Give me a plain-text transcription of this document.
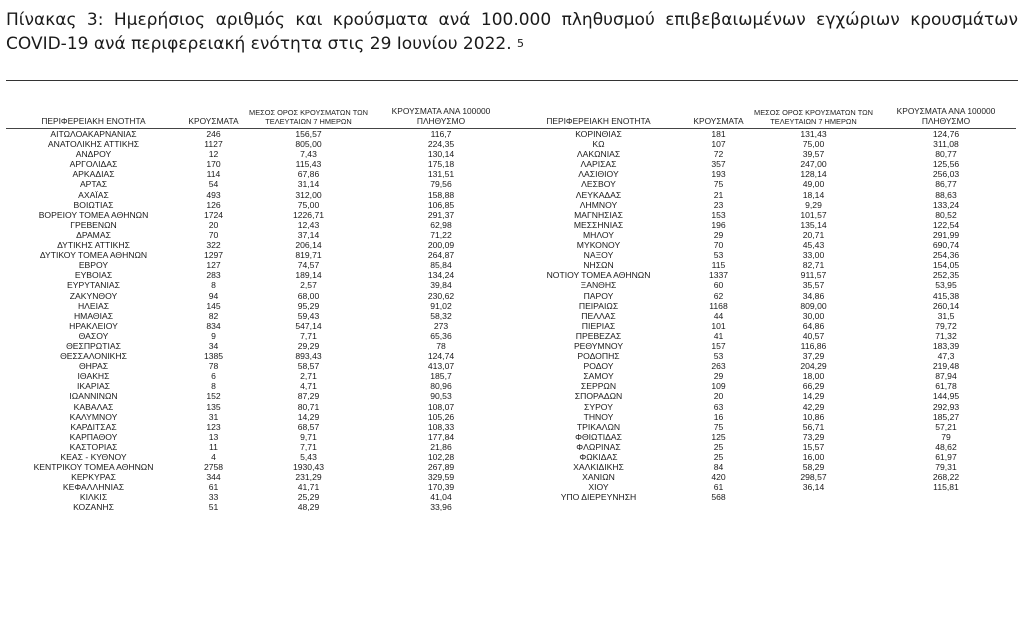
Πίνακας 3: Ημερήσιος αριθμός και κρούσματα ανά 100.000 πληθυσμού επιβεβαιωμένων εγχώριων κρουσμάτων COVID-19 ανά περιφερειακή ενότητα στις 29 Ιουνίου 2022. $^5$
ΠΕΡΙΦΕΡΕΙΑΚΗ ΕΝΟΤΗΤΑ	ΚΡΟΥΣΜΑΤΑ	ΜΕΣΟΣ ΟΡΟΣ ΚΡΟΥΣΜΑΤΩΝ ΤΩΝ ΤΕΛΕΥΤΑΙΩΝ 7 ΗΜΕΡΩΝ	ΚΡΟΥΣΜΑΤΑ ΑΝΑ 100000 ΠΛΗΘΥΣΜΟ
ΑΙΤΩΛΟΑΚΑΡΝΑΝΙΑΣ	246	156,57	116,7
ΑΝΑΤΟΛΙΚΗΣ ΑΤΤΙΚΗΣ	1127	805,00	224,35
ΑΝΔΡΟΥ	12	7,43	130,14
ΑΡΓΟΛΙΔΑΣ	170	115,43	175,18
ΑΡΚΑΔΙΑΣ	114	67,86	131,51
ΑΡΤΑΣ	54	31,14	79,56
ΑΧΑΪΑΣ	493	312,00	158,88
ΒΟΙΩΤΙΑΣ	126	75,00	106,85
ΒΟΡΕΙΟΥ ΤΟΜΕΑ ΑΘΗΝΩΝ	1724	1226,71	291,37
ΓΡΕΒΕΝΩΝ	20	12,43	62,98
ΔΡΑΜΑΣ	70	37,14	71,22
ΔΥΤΙΚΗΣ ΑΤΤΙΚΗΣ	322	206,14	200,09
ΔΥΤΙΚΟΥ ΤΟΜΕΑ ΑΘΗΝΩΝ	1297	819,71	264,87
ΕΒΡΟΥ	127	74,57	85,84
ΕΥΒΟΙΑΣ	283	189,14	134,24
ΕΥΡΥΤΑΝΙΑΣ	8	2,57	39,84
ΖΑΚΥΝΘΟΥ	94	68,00	230,62
ΗΛΕΙΑΣ	145	95,29	91,02
ΗΜΑΘΙΑΣ	82	59,43	58,32
ΗΡΑΚΛΕΙΟΥ	834	547,14	273
ΘΑΣΟΥ	9	7,71	65,36
ΘΕΣΠΡΩΤΙΑΣ	34	29,29	78
ΘΕΣΣΑΛΟΝΙΚΗΣ	1385	893,43	124,74
ΘΗΡΑΣ	78	58,57	413,07
ΙΘΑΚΗΣ	6	2,71	185,7
ΙΚΑΡΙΑΣ	8	4,71	80,96
ΙΩΑΝΝΙΝΩΝ	152	87,29	90,53
ΚΑΒΑΛΑΣ	135	80,71	108,07
ΚΑΛΥΜΝΟΥ	31	14,29	105,26
ΚΑΡΔΙΤΣΑΣ	123	68,57	108,33
ΚΑΡΠΑΘΟΥ	13	9,71	177,84
ΚΑΣΤΟΡΙΑΣ	11	7,71	21,86
ΚΕΑΣ - ΚΥΘΝΟΥ	4	5,43	102,28
ΚΕΝΤΡΙΚΟΥ ΤΟΜΕΑ ΑΘΗΝΩΝ	2758	1930,43	267,89
ΚΕΡΚΥΡΑΣ	344	231,29	329,59
ΚΕΦΑΛΛΗΝΙΑΣ	61	41,71	170,39
ΚΙΛΚΙΣ	33	25,29	41,04
ΚΟΖΑΝΗΣ	51	48,29	33,96
ΠΕΡΙΦΕΡΕΙΑΚΗ ΕΝΟΤΗΤΑ	ΚΡΟΥΣΜΑΤΑ	ΜΕΣΟΣ ΟΡΟΣ ΚΡΟΥΣΜΑΤΩΝ ΤΩΝ ΤΕΛΕΥΤΑΙΩΝ 7 ΗΜΕΡΩΝ	ΚΡΟΥΣΜΑΤΑ ΑΝΑ 100000 ΠΛΗΘΥΣΜΟ
ΚΟΡΙΝΘΙΑΣ	181	131,43	124,76
ΚΩ	107	75,00	311,08
ΛΑΚΩΝΙΑΣ	72	39,57	80,77
ΛΑΡΙΣΑΣ	357	247,00	125,56
ΛΑΣΙΘΙΟΥ	193	128,14	256,03
ΛΕΣΒΟΥ	75	49,00	86,77
ΛΕΥΚΑΔΑΣ	21	18,14	88,63
ΛΗΜΝΟΥ	23	9,29	133,24
ΜΑΓΝΗΣΙΑΣ	153	101,57	80,52
ΜΕΣΣΗΝΙΑΣ	196	135,14	122,54
ΜΗΛΟΥ	29	20,71	291,99
ΜΥΚΟΝΟΥ	70	45,43	690,74
ΝΑΞΟΥ	53	33,00	254,36
ΝΗΣΩΝ	115	82,71	154,05
ΝΟΤΙΟΥ ΤΟΜΕΑ ΑΘΗΝΩΝ	1337	911,57	252,35
ΞΑΝΘΗΣ	60	35,57	53,95
ΠΑΡΟΥ	62	34,86	415,38
ΠΕΙΡΑΙΩΣ	1168	809,00	260,14
ΠΕΛΛΑΣ	44	30,00	31,5
ΠΙΕΡΙΑΣ	101	64,86	79,72
ΠΡΕΒΕΖΑΣ	41	40,57	71,32
ΡΕΘΥΜΝΟΥ	157	116,86	183,39
ΡΟΔΟΠΗΣ	53	37,29	47,3
ΡΟΔΟΥ	263	204,29	219,48
ΣΑΜΟΥ	29	18,00	87,94
ΣΕΡΡΩΝ	109	66,29	61,78
ΣΠΟΡΑΔΩΝ	20	14,29	144,95
ΣΥΡΟΥ	63	42,29	292,93
ΤΗΝΟΥ	16	10,86	185,27
ΤΡΙΚΑΛΩΝ	75	56,71	57,21
ΦΘΙΩΤΙΔΑΣ	125	73,29	79
ΦΛΩΡΙΝΑΣ	25	15,57	48,62
ΦΩΚΙΔΑΣ	25	16,00	61,97
ΧΑΛΚΙΔΙΚΗΣ	84	58,29	79,31
ΧΑΝΙΩΝ	420	298,57	268,22
ΧΙΟΥ	61	36,14	115,81
ΥΠΟ ΔΙΕΡΕΥΝΗΣΗ	568		
